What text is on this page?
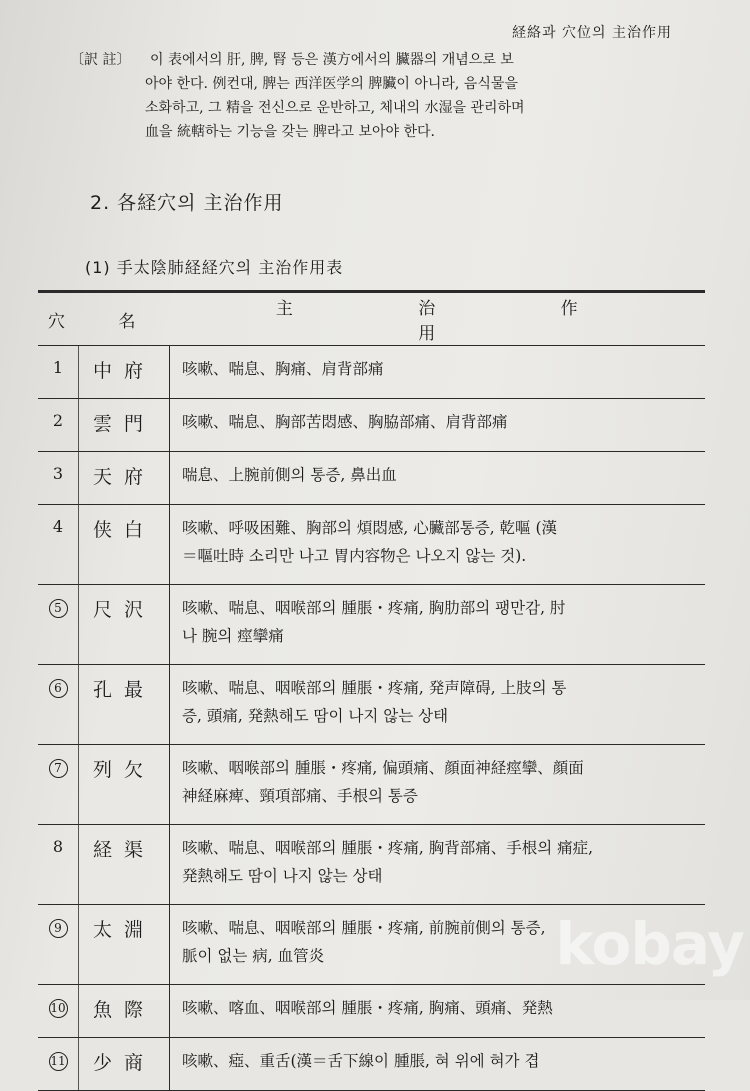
経絡과 穴位의 主治作用
〔訳 註〕 이 表에서의 肝, 脾, 腎 등은 漢方에서의 臟器의 개념으로 보
아야 한다. 例컨대, 脾는 西洋医学의 脾臟이 아니라, 음식물을
소화하고, 그 精을 전신으로 운반하고, 체내의 水湿을 관리하며
血을 統轄하는 기능을 갖는 脾라고 보아야 한다.
2. 各経穴의 主治作用
(1) 手太陰肺経経穴의 主治作用表
穴 名		主 治 作 用
1	中府	咳嗽、喘息、胸痛、肩背部痛

2	雲門	咳嗽、喘息、胸部苦悶感、胸脇部痛、肩背部痛

3	天府	喘息、上腕前側의 통증, 鼻出血

4	侠白	咳嗽、呼吸困難、胸部의 煩悶感, 心臟部통증, 乾嘔 (漢
＝嘔吐時 소리만 나고 胃内容物은 나오지 않는 것).

5	尺沢	咳嗽、喘息、咽喉部의 腫脹・疼痛, 胸肋部의 팽만감, 肘
나 腕의 痙攣痛

6	孔最	咳嗽、喘息、咽喉部의 腫脹・疼痛, 発声障碍, 上肢의 통
증, 頭痛, 発熱해도 땀이 나지 않는 상태

7	列欠	咳嗽、咽喉部의 腫脹・疼痛, 偏頭痛、顔面神経痙攣、顔面
神経麻痺、頸項部痛、手根의 통증

8	経渠	咳嗽、喘息、咽喉部의 腫脹・疼痛, 胸背部痛、手根의 痛症,
発熱해도 땀이 나지 않는 상태

9	太淵	咳嗽、喘息、咽喉部의 腫脹・疼痛, 前腕前側의 통증,
脈이 없는 病, 血管炎

10	魚際	咳嗽、喀血、咽喉部의 腫脹・疼痛, 胸痛、頭痛、発熱

11	少商	咳嗽、瘂、重舌(漢＝舌下線이 腫脹, 혀 위에 혀가 겹
kobay
